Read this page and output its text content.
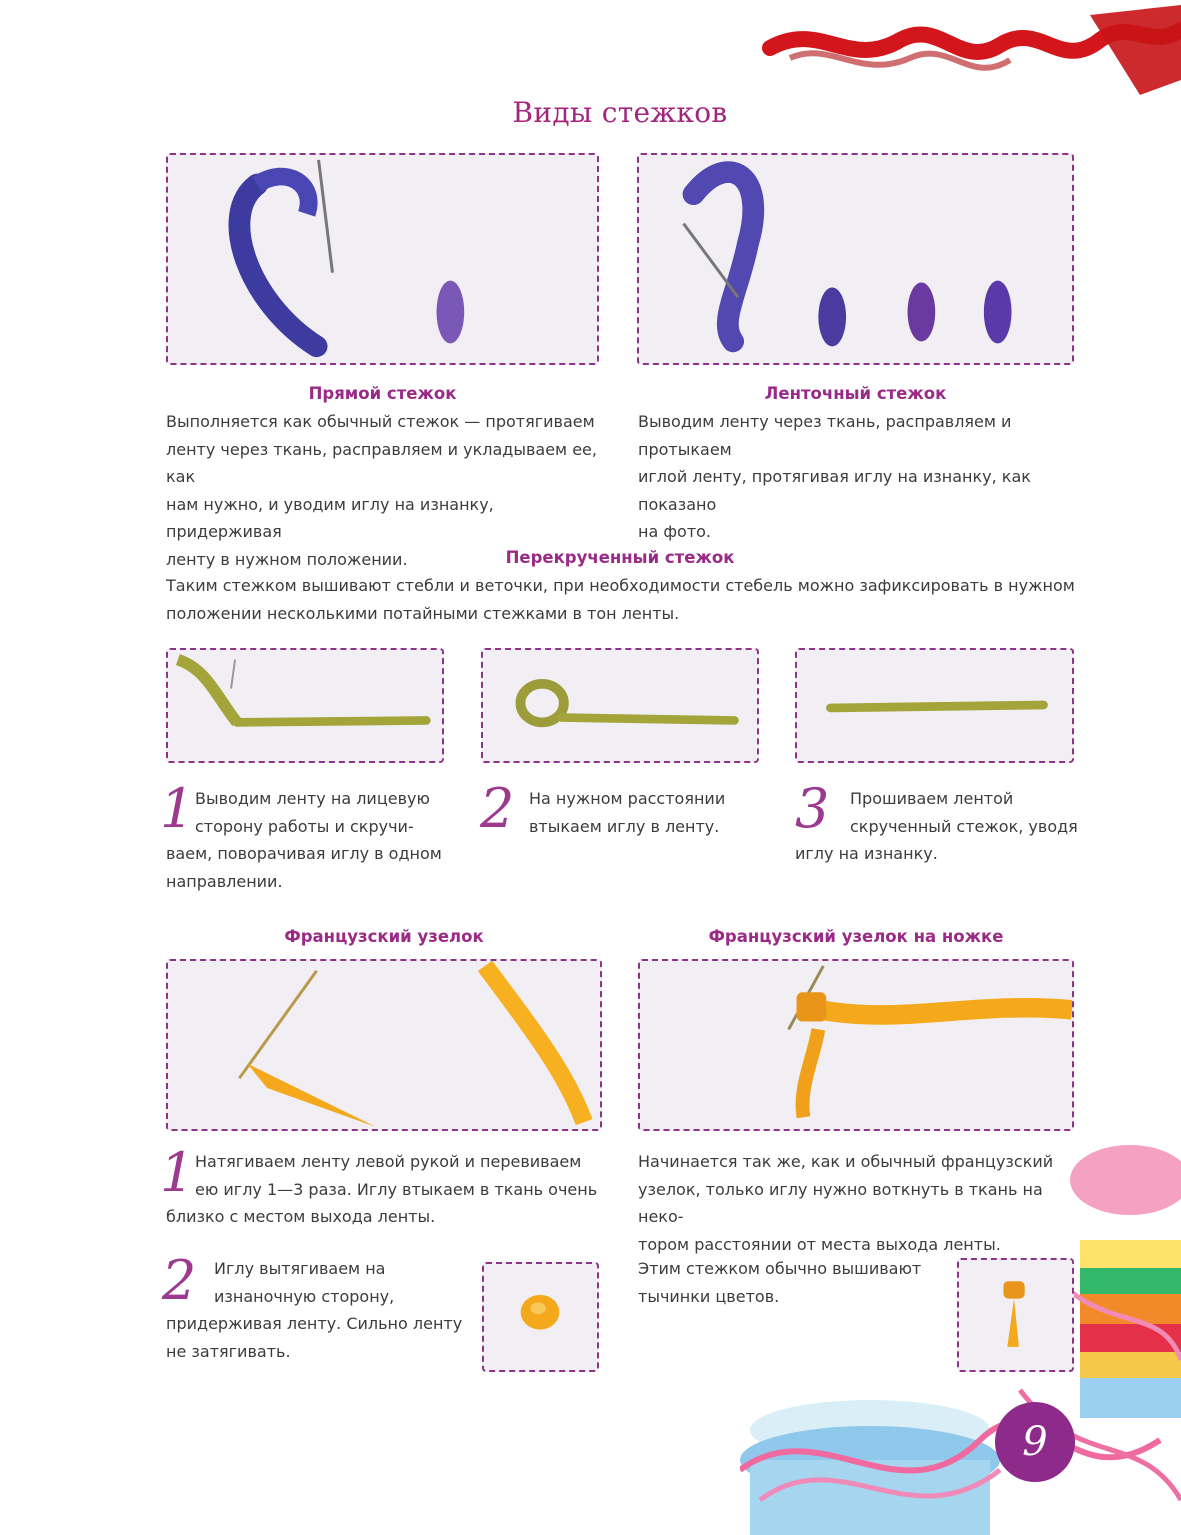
Виды стежков
Прямой стежок	Ленточный стежок
Выполняется как обычный стежок — протягиваем
ленту через ткань, расправляем и укладываем ее, как
нам нужно, и уводим иглу на изнанку, придерживая
ленту в нужном положении.
Выводим ленту через ткань, расправляем и протыкаем
иглой ленту, протягивая иглу на изнанку, как показано
на фото.
Перекрученный стежок
Таким стежком вышивают стебли и веточки, при необходимости стебель можно зафиксировать в нужном
положении несколькими потайными стежками в тон ленты.
1 Выводим ленту на лицевую
сторону работы и скручи-
ваем, поворачивая иглу в одном
направлении.
2 На нужном расстоянии
втыкаем иглу в ленту.	3	Прошиваем лентой
скрученный стежок, уводя
иглу на изнанку.
Французский узелок	Французский узелок на ножке
1 Натягиваем ленту левой рукой и перевиваем
ею иглу 1—3 раза. Иглу втыкаем в ткань очень
близко с местом выхода ленты.
Начинается так же, как и обычный французский
узелок, только иглу нужно воткнуть в ткань на неко-
тором расстоянии от места выхода ленты.
2	Иглу вытягиваем на
изнаночную сторону,
придерживая ленту. Сильно ленту
не затягивать.
Этим стежком обычно вышивают
тычинки цветов.
9
